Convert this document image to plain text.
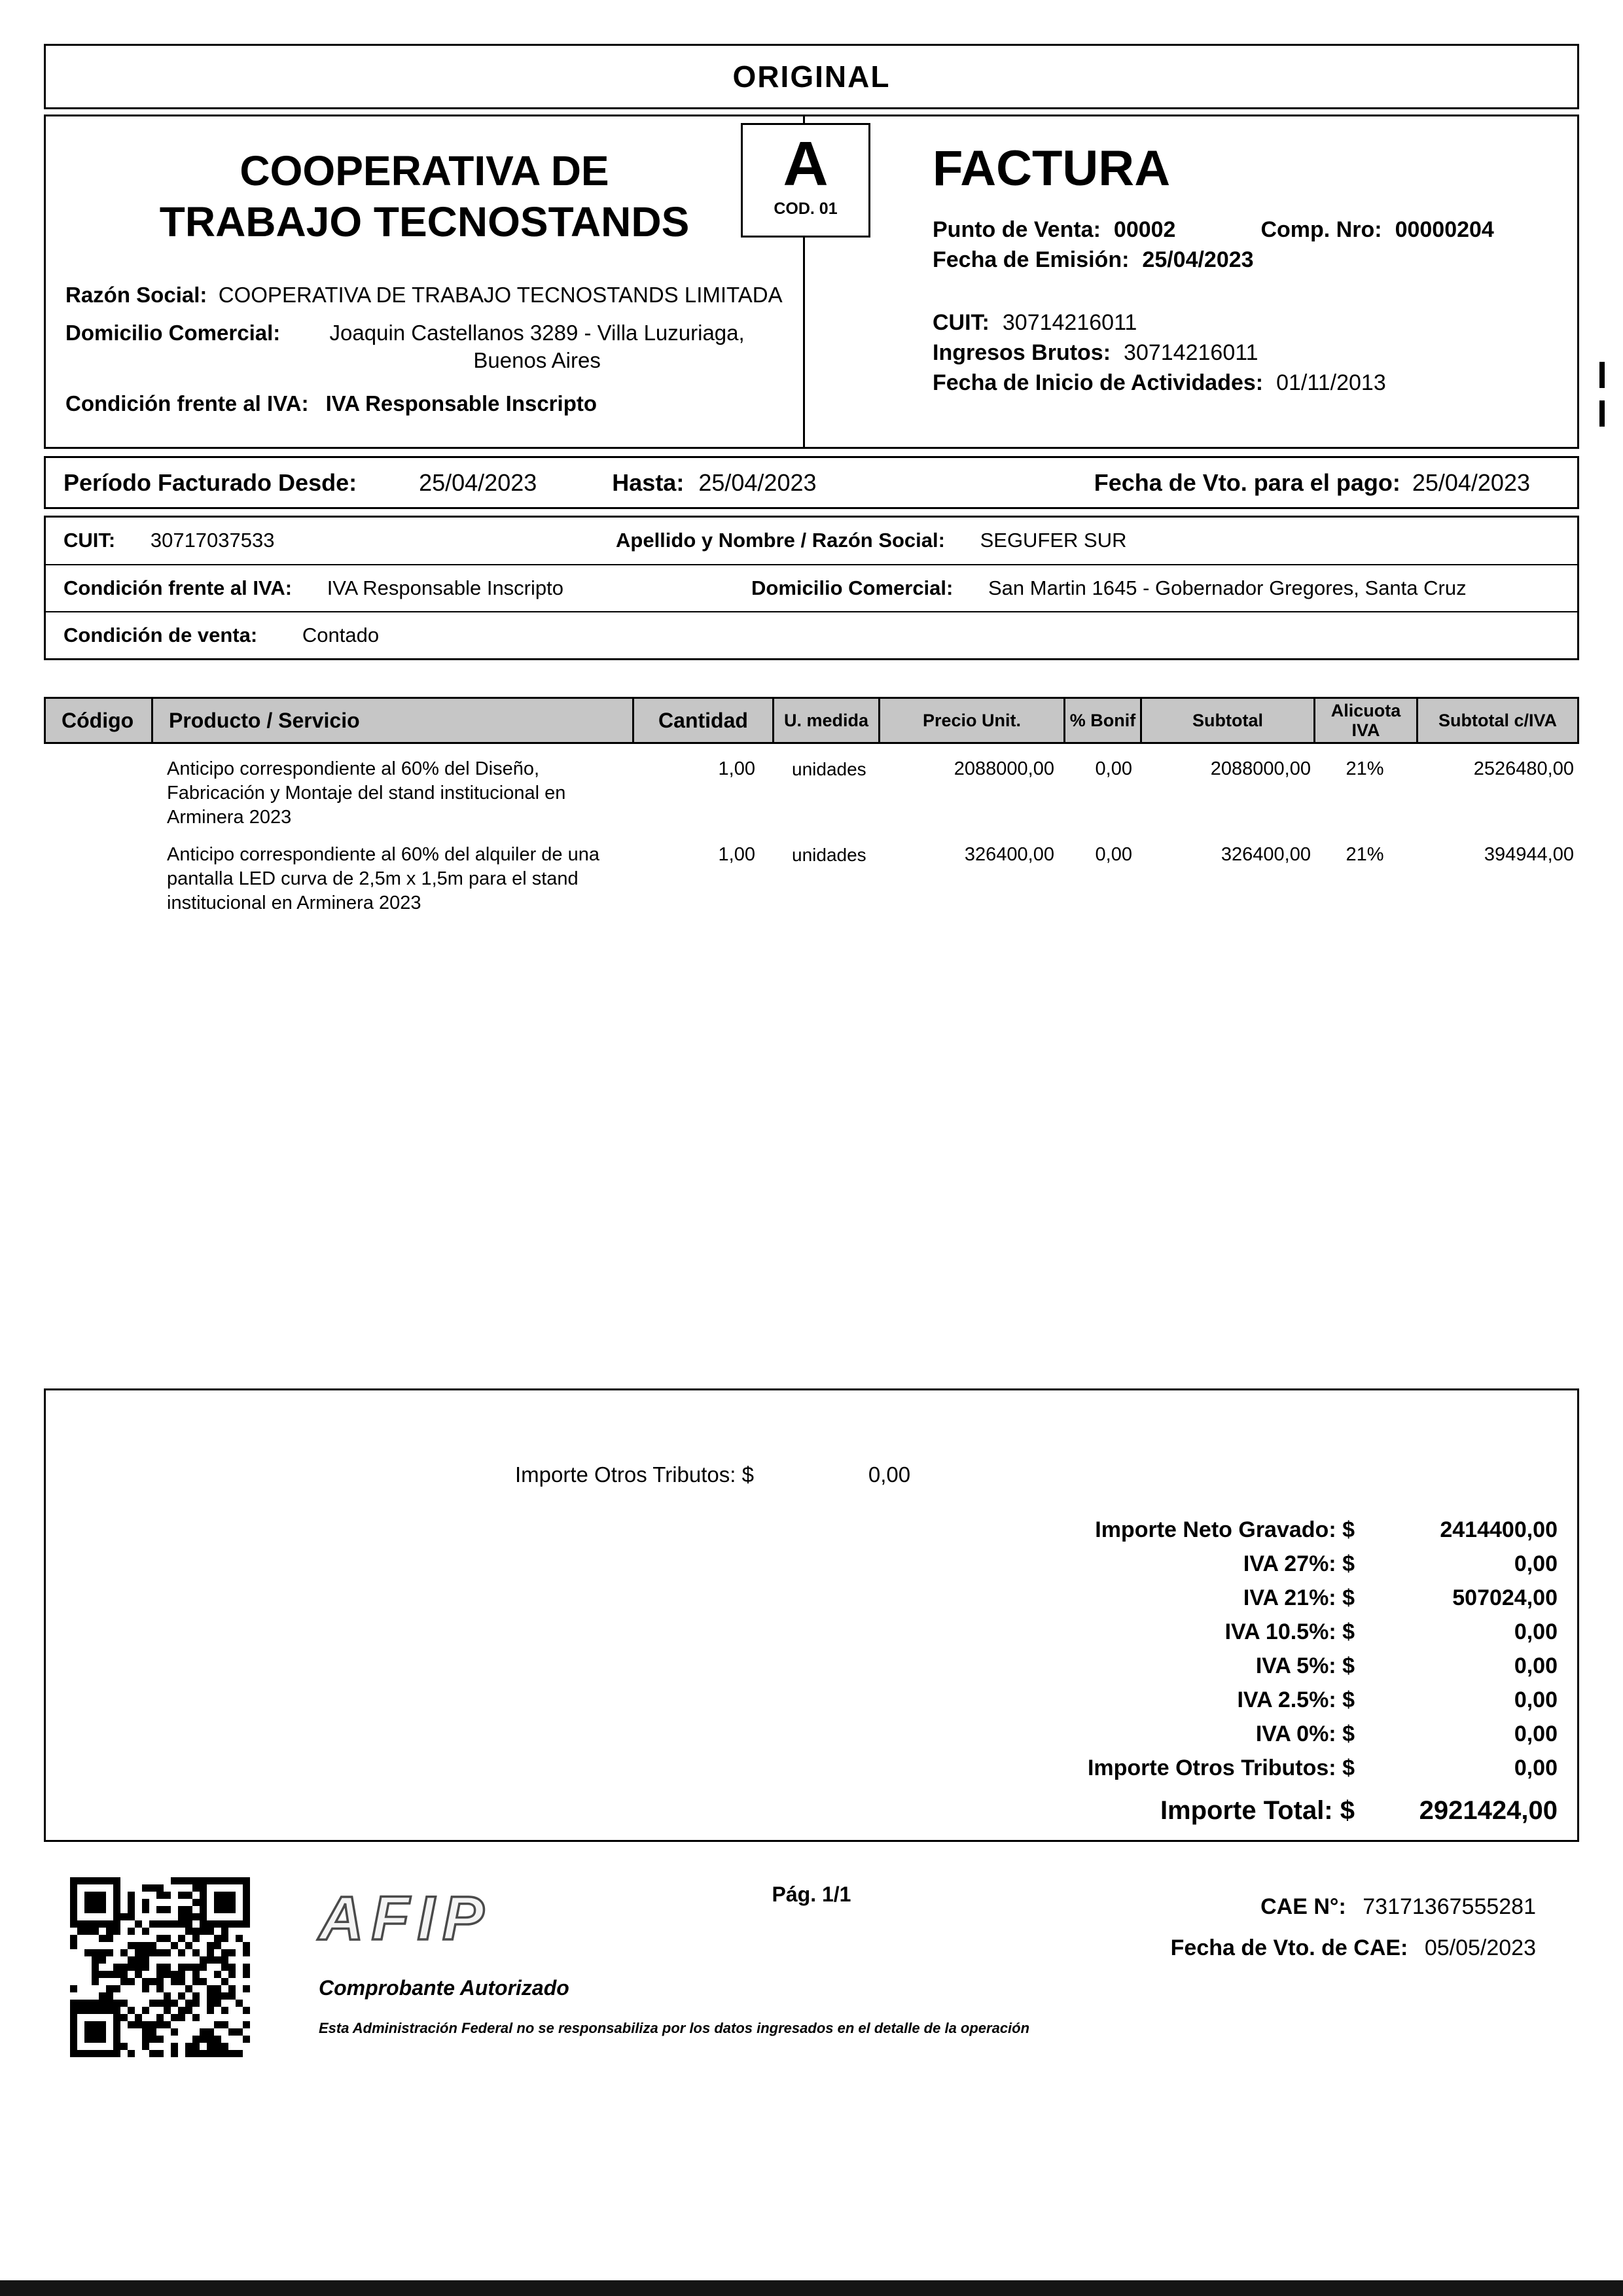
ORIGINAL
COOPERATIVA DE
TRABAJO TECNOSTANDS
Razón Social: COOPERATIVA DE TRABAJO TECNOSTANDS LIMITADA
Domicilio Comercial:	Joaquin Castellanos 3289 - Villa Luzuriaga, Buenos Aires
Condición frente al IVA: IVA Responsable Inscripto
FACTURA
Punto de Venta: 00002	Comp. Nro: 00000204
Fecha de Emisión: 25/04/2023
CUIT: 30714216011
Ingresos Brutos: 30714216011
Fecha de Inicio de Actividades: 01/11/2013
A
COD. 01
Período Facturado Desde:	25/04/2023	Hasta: 25/04/2023	Fecha de Vto. para el pago: 25/04/2023
CUIT: 30717037533	Apellido y Nombre / Razón Social: SEGUFER SUR
Condición frente al IVA: IVA Responsable Inscripto	Domicilio Comercial: San Martin 1645 - Gobernador Gregores, Santa Cruz
Condición de venta: Contado
Código	Producto / Servicio	Cantidad	U. medida	Precio Unit.	% Bonif	Subtotal	Alicuota IVA	Subtotal c/IVA
Anticipo correspondiente al 60% del Diseño, Fabricación y Montaje del stand institucional en Arminera 2023
1,00	unidades	2088000,00	0,00	2088000,00	21%	2526480,00
Anticipo correspondiente al 60% del alquiler de una pantalla LED curva de 2,5m x 1,5m para el stand institucional en Arminera 2023
1,00	unidades	326400,00	0,00	326400,00	21%	394944,00
Importe Otros Tributos: $	0,00
Importe Neto Gravado: $	2414400,00
IVA 27%: $	0,00
IVA 21%: $	507024,00
IVA 10.5%: $	0,00
IVA 5%: $	0,00
IVA 2.5%: $	0,00
IVA 0%: $	0,00
Importe Otros Tributos: $	0,00
Importe Total: $	2921424,00
AFIP
Comprobante Autorizado
Esta Administración Federal no se responsabiliza por los datos ingresados en el detalle de la operación
Pág. 1/1	CAE N°: 73171367555281
Fecha de Vto. de CAE: 05/05/2023
